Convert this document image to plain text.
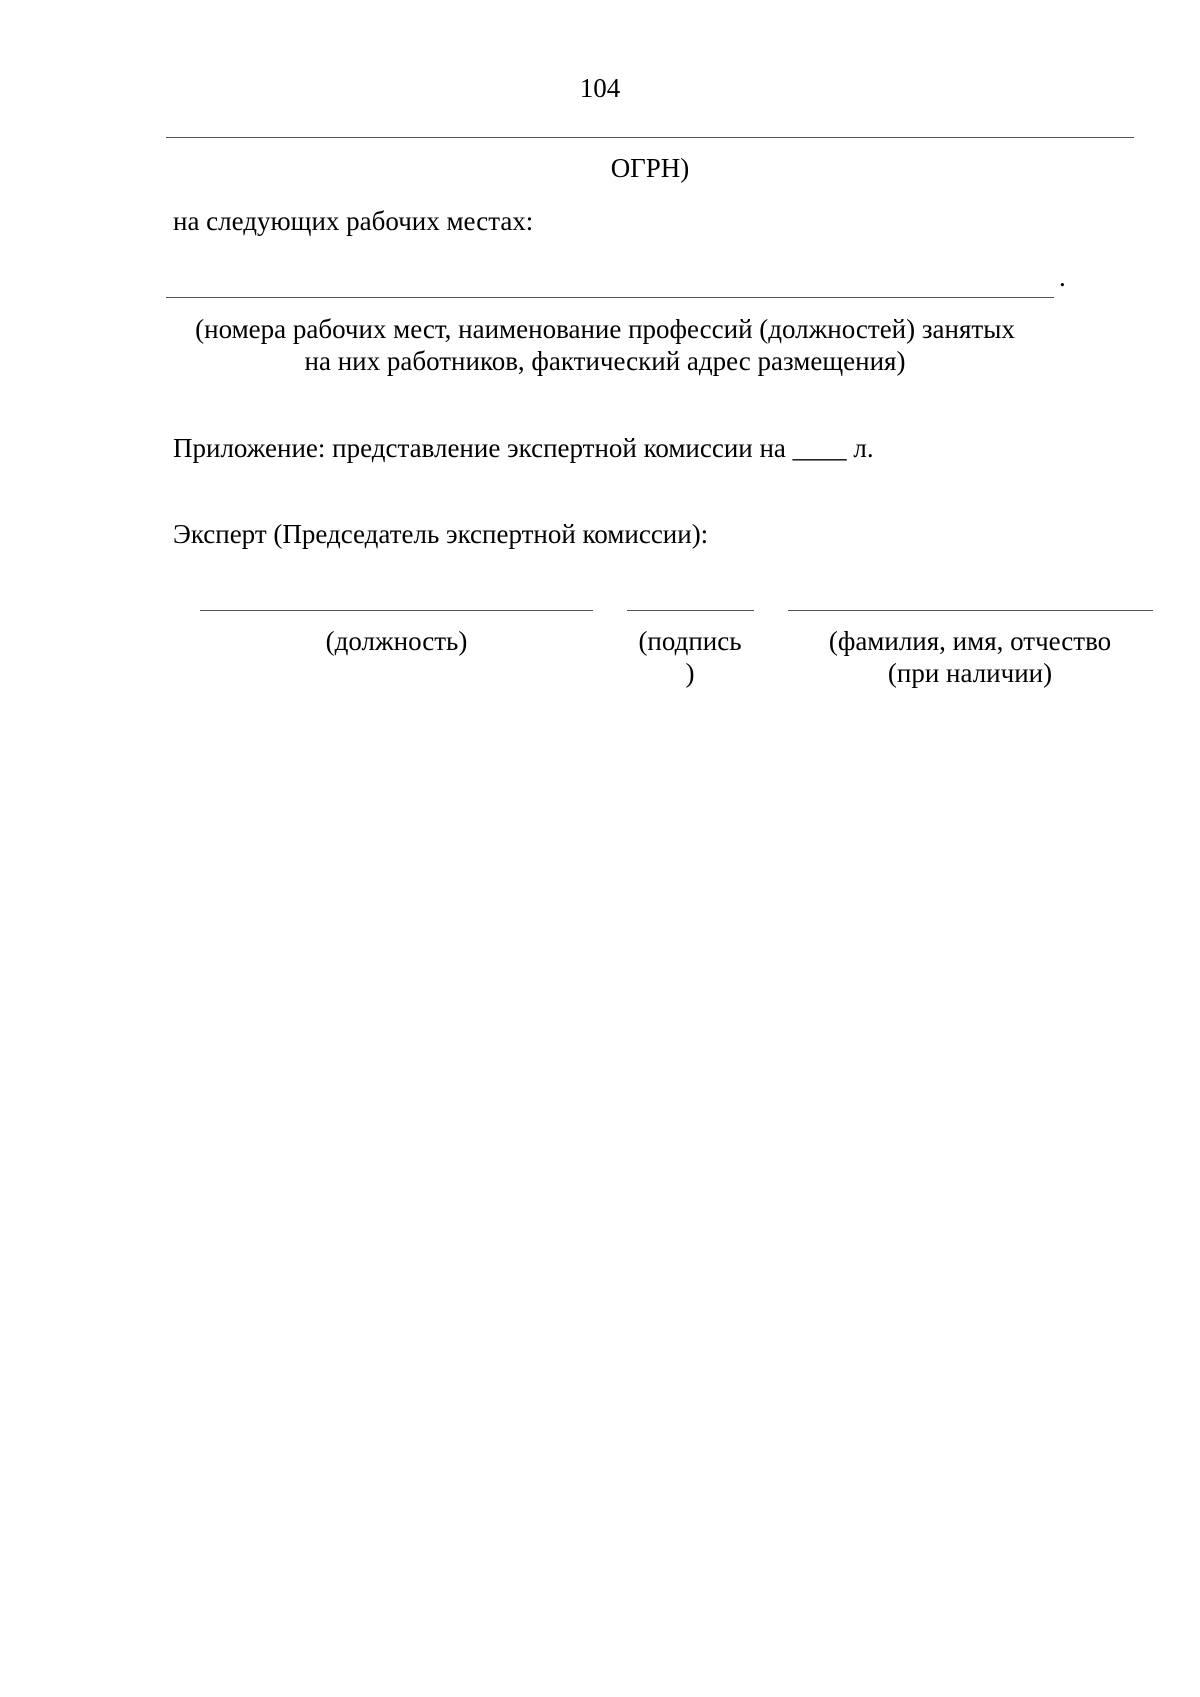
104
ОГРН)
на следующих рабочих местах:
.
(номера рабочих мест, наименование профессий (должностей) занятых
на них работников, фактический адрес размещения)
Приложение: представление экспертной комиссии на ____ л.
Эксперт (Председатель экспертной комиссии):
(должность)	(подпись
)
(фамилия, имя, отчество
(при наличии)
